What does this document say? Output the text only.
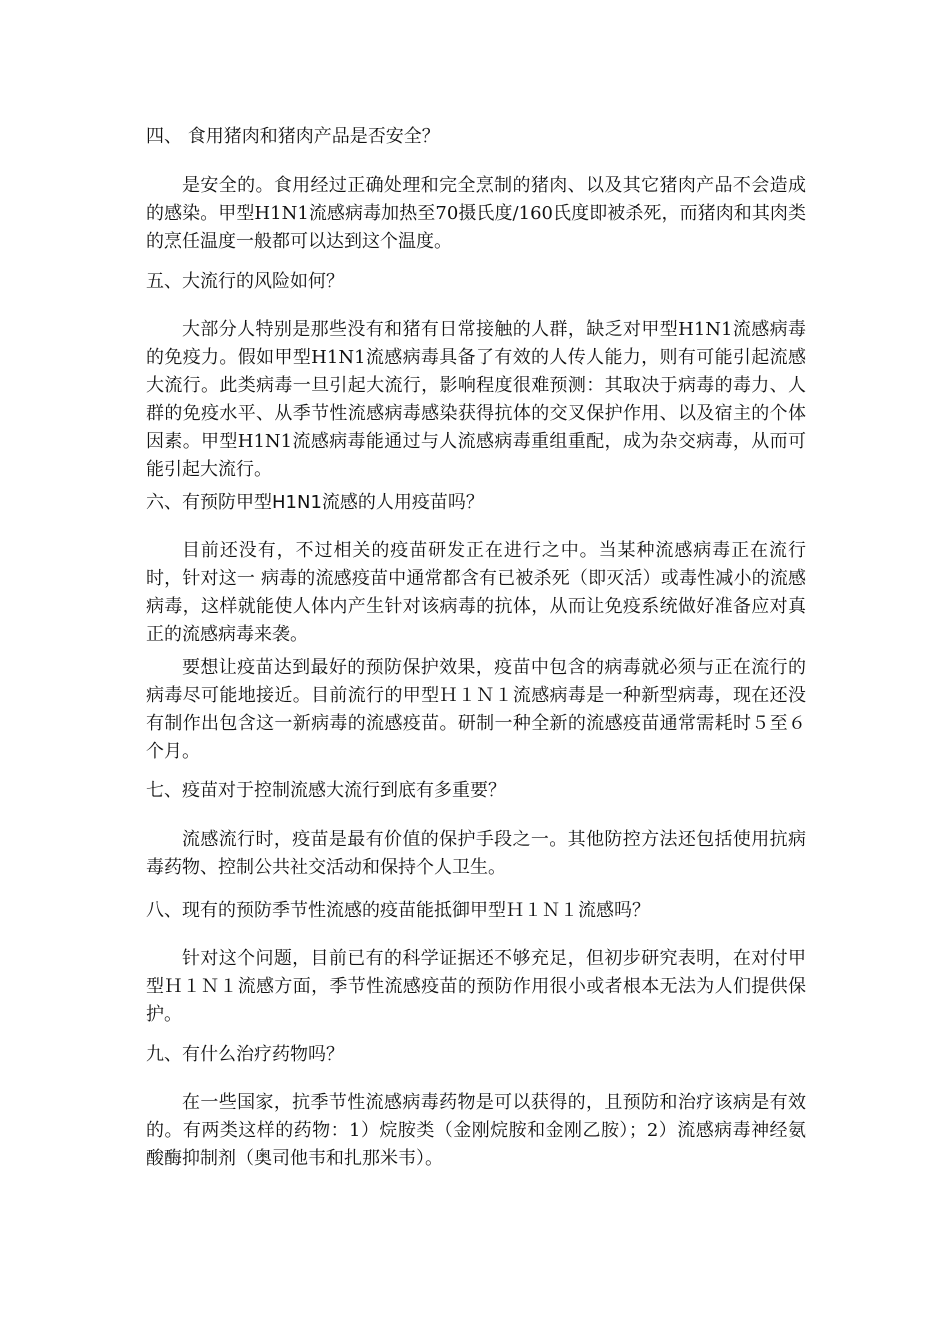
四、 食用猪肉和猪肉产品是否安全？

是安全的。食用经过正确处理和完全烹制的猪肉、以及其它猪肉产品不会造成的感染。甲型H1N1流感病毒加热至70摄氏度/160氏度即被杀死，而猪肉和其肉类的烹任温度一般都可以达到这个温度。

五、大流行的风险如何？

大部分人特别是那些没有和猪有日常接触的人群，缺乏对甲型H1N1流感病毒的免疫力。假如甲型H1N1流感病毒具备了有效的人传人能力，则有可能引起流感大流行。此类病毒一旦引起大流行，影响程度很难预测：其取决于病毒的毒力、人群的免疫水平、从季节性流感病毒感染获得抗体的交叉保护作用、以及宿主的个体因素。甲型H1N1流感病毒能通过与人流感病毒重组重配，成为杂交病毒，从而可能引起大流行。

六、有预防甲型H1N1流感的人用疫苗吗？

目前还没有，不过相关的疫苗研发正在进行之中。当某种流感病毒正在流行时，针对这一 病毒的流感疫苗中通常都含有已被杀死（即灭活）或毒性减小的流感病毒，这样就能使人体内产生针对该病毒的抗体，从而让免疫系统做好准备应对真正的流感病毒来袭。

要想让疫苗达到最好的预防保护效果，疫苗中包含的病毒就必须与正在流行的病毒尽可能地接近。目前流行的甲型Ｈ１Ｎ１流感病毒是一种新型病毒，现在还没有制作出包含这一新病毒的流感疫苗。研制一种全新的流感疫苗通常需耗时５至６个月。

七、疫苗对于控制流感大流行到底有多重要？

流感流行时，疫苗是最有价值的保护手段之一。其他防控方法还包括使用抗病毒药物、控制公共社交活动和保持个人卫生。

八、现有的预防季节性流感的疫苗能抵御甲型Ｈ１Ｎ１流感吗？

针对这个问题，目前已有的科学证据还不够充足，但初步研究表明，在对付甲型Ｈ１Ｎ１流感方面，季节性流感疫苗的预防作用很小或者根本无法为人们提供保护。

九、有什么治疗药物吗？

在一些国家，抗季节性流感病毒药物是可以获得的，且预防和治疗该病是有效的。有两类这样的药物：1）烷胺类（金刚烷胺和金刚乙胺）；2）流感病毒神经氨酸酶抑制剂（奥司他韦和扎那米韦）。
